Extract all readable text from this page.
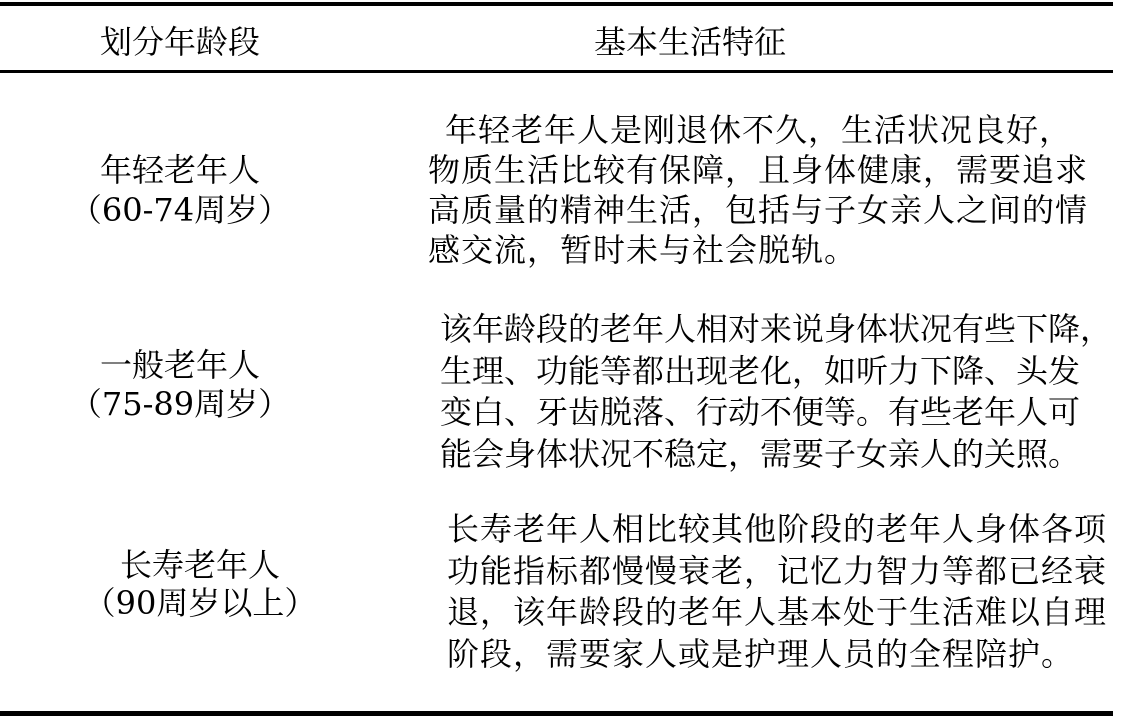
划分年龄段	基本生活特征
年轻老年人
（60-74周岁）
年轻老年人是刚退休不久，生活状况良好，
物质生活比较有保障，且身体健康，需要追求
高质量的精神生活，包括与子女亲人之间的情
感交流，暂时未与社会脱轨。
一般老年人
（75-89周岁）
该年龄段的老年人相对来说身体状况有些下降，
生理、功能等都出现老化，如听力下降、头发
变白、牙齿脱落、行动不便等。有些老年人可
能会身体状况不稳定，需要子女亲人的关照。
长寿老年人
（90周岁以上）
长寿老年人相比较其他阶段的老年人身体各项
功能指标都慢慢衰老，记忆力智力等都已经衰
退，该年龄段的老年人基本处于生活难以自理
阶段，需要家人或是护理人员的全程陪护。
